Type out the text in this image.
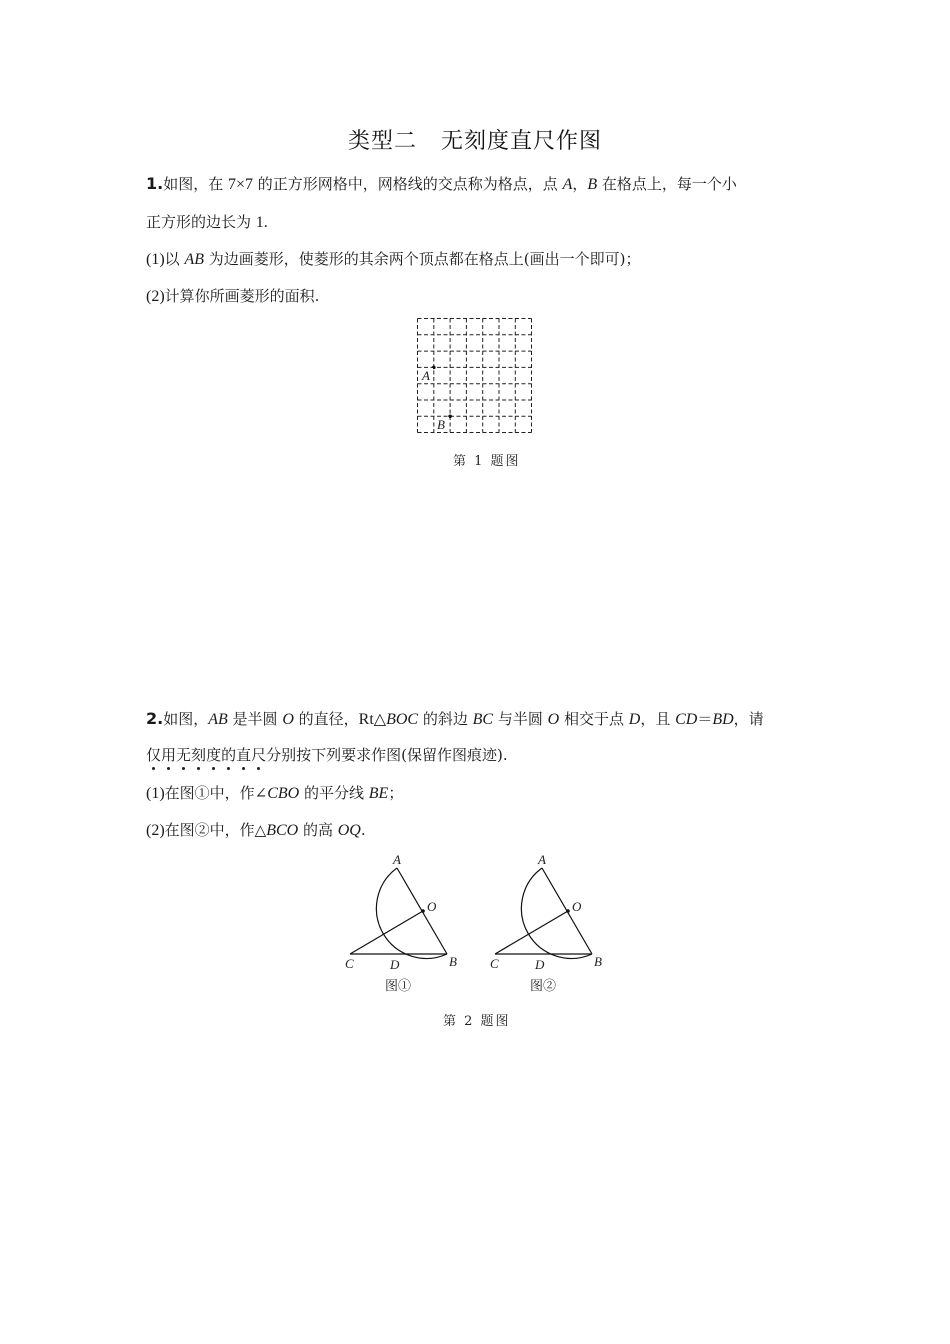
类型二 无刻度直尺作图
1.如图，在 7×7 的正方形网格中，网格线的交点称为格点，点 A，B 在格点上，每一个小
正方形的边长为 1.
(1)以 AB 为边画菱形，使菱形的其余两个顶点都在格点上(画出一个即可)；
(2)计算你所画菱形的面积.
A
B
第 1 题图
2.如图，AB 是半圆 O 的直径，Rt△BOC 的斜边 BC 与半圆 O 相交于点 D，且 CD＝BD，请
仅用无刻度的直尺分别按下列要求作图(保留作图痕迹).
(1)在图①中，作∠CBO 的平分线 BE；
(2)在图②中，作△BCO 的高 OQ.
A
O
B
C	D
图①
A
O
B
C	D
图②
第 2 题图
